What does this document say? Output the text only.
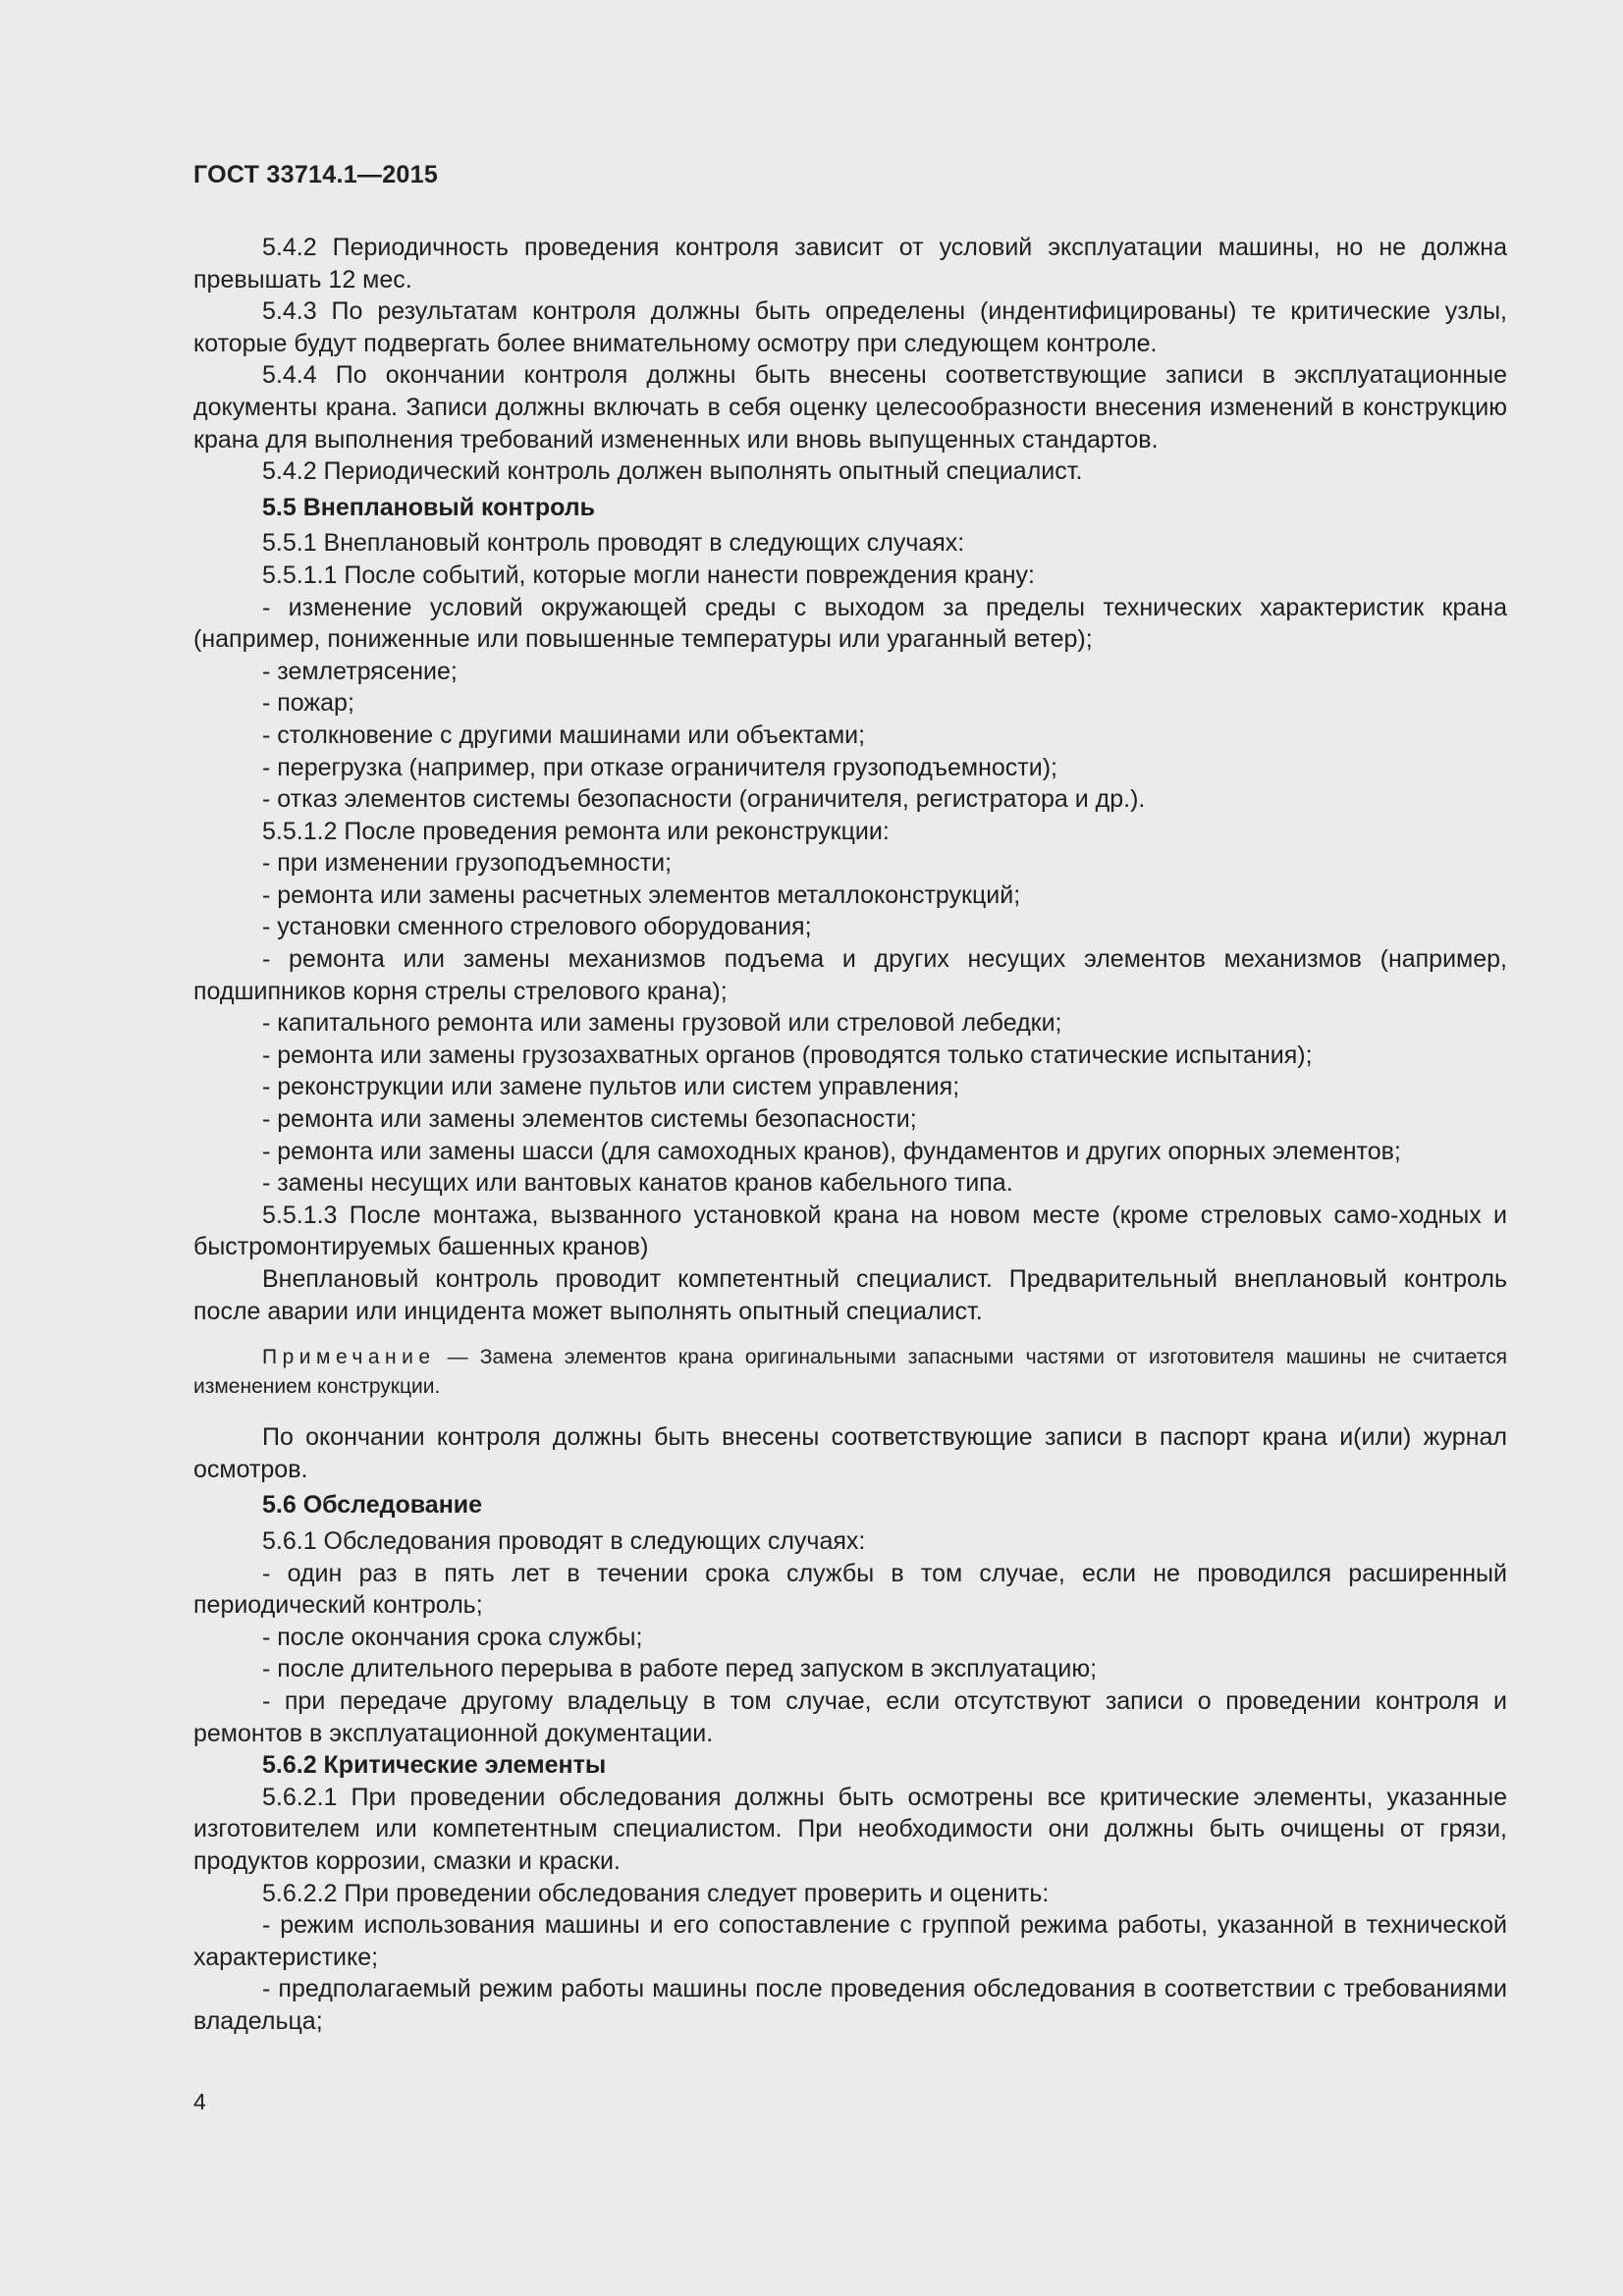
ГОСТ 33714.1—2015

5.4.2 Периодичность проведения контроля зависит от условий эксплуатации машины, но не должна превышать 12 мес.

5.4.3 По результатам контроля должны быть определены (индентифицированы) те критические узлы, которые будут подвергать более внимательному осмотру при следующем контроле.

5.4.4 По окончании контроля должны быть внесены соответствующие записи в эксплуатационные документы крана. Записи должны включать в себя оценку целесообразности внесения изменений в конструкцию крана для выполнения требований измененных или вновь выпущенных стандартов.

5.4.2 Периодический контроль должен выполнять опытный специалист.

5.5 Внеплановый контроль

5.5.1 Внеплановый контроль проводят в следующих случаях:

5.5.1.1 После событий, которые могли нанести повреждения крану:

- изменение условий окружающей среды с выходом за пределы технических характеристик крана (например, пониженные или повышенные температуры или ураганный ветер);

- землетрясение;

- пожар;

- столкновение с другими машинами или объектами;

- перегрузка (например, при отказе ограничителя грузоподъемности);

- отказ элементов системы безопасности (ограничителя, регистратора и др.).

5.5.1.2 После проведения ремонта или реконструкции:

- при изменении грузоподъемности;

- ремонта или замены расчетных элементов металлоконструкций;

- установки сменного стрелового оборудования;

- ремонта или замены механизмов подъема и других несущих элементов механизмов (например, подшипников корня стрелы стрелового крана);

- капитального ремонта или замены грузовой или стреловой лебедки;

- ремонта или замены грузозахватных органов (проводятся только статические испытания);

- реконструкции или замене пультов или систем управления;

- ремонта или замены элементов системы безопасности;

- ремонта или замены шасси (для самоходных кранов), фундаментов и других опорных элементов;

- замены несущих или вантовых канатов кранов кабельного типа.

5.5.1.3 После монтажа, вызванного установкой крана на новом месте (кроме стреловых само-ходных и быстромонтируемых башенных кранов)

Внеплановый контроль проводит компетентный специалист. Предварительный внеплановый контроль после аварии или инцидента может выполнять опытный специалист.

Примечание — Замена элементов крана оригинальными запасными частями от изготовителя машины не считается изменением конструкции.

По окончании контроля должны быть внесены соответствующие записи в паспорт крана и(или) журнал осмотров.

5.6 Обследование

5.6.1 Обследования проводят в следующих случаях:

- один раз в пять лет в течении срока службы в том случае, если не проводился расширенный периодический контроль;

- после окончания срока службы;

- после длительного перерыва в работе перед запуском в эксплуатацию;

- при передаче другому владельцу в том случае, если отсутствуют записи о проведении контроля и ремонтов в эксплуатационной документации.

5.6.2 Критические элементы

5.6.2.1 При проведении обследования должны быть осмотрены все критические элементы, указанные изготовителем или компетентным специалистом. При необходимости они должны быть очищены от грязи, продуктов коррозии, смазки и краски.

5.6.2.2 При проведении обследования следует проверить и оценить:

- режим использования машины и его сопоставление с группой режима работы, указанной в технической характеристике;

- предполагаемый режим работы машины после проведения обследования в соответствии с требованиями владельца;

4
